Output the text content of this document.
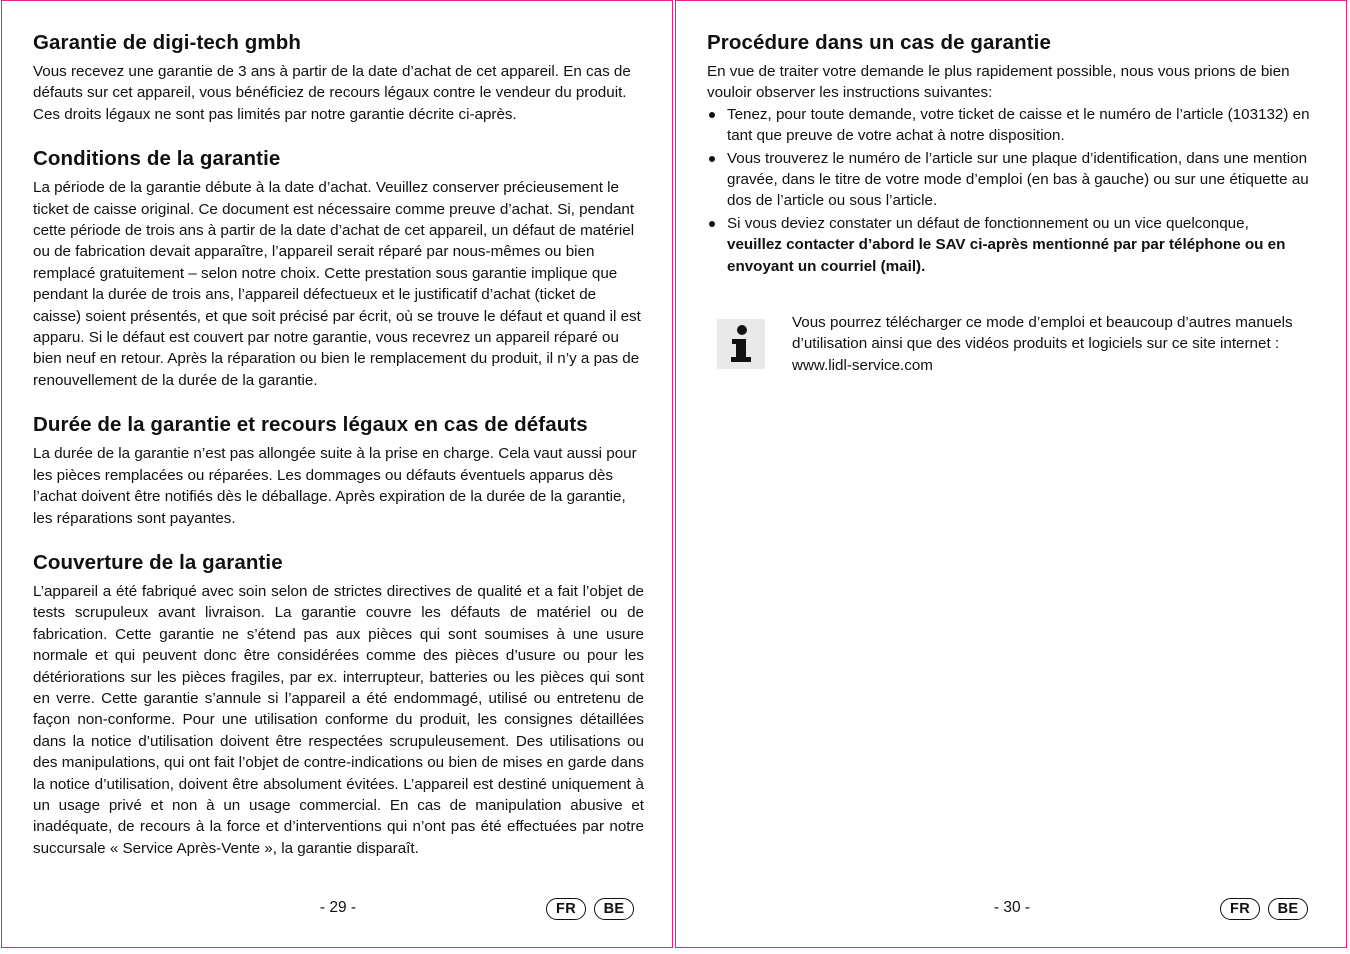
Garantie de digi-tech gmbh

Vous recevez une garantie de 3 ans à partir de la date d’achat de cet appareil. En cas de défauts sur cet appareil, vous bénéficiez de recours légaux contre le vendeur du produit. Ces droits légaux ne sont pas limités par notre garantie décrite ci-après.

Conditions de la garantie

La période de la garantie débute à la date d’achat. Veuillez conserver précieusement le ticket de caisse original. Ce document est nécessaire comme preuve d’achat. Si, pendant cette période de trois ans à partir de la date d’achat de cet appareil, un défaut de matériel ou de fabrication devait apparaître, l’appareil serait réparé par nous-mêmes ou bien remplacé gratuitement – selon notre choix. Cette prestation sous garantie implique que pendant la durée de trois ans, l’appareil défectueux et le justificatif d’achat (ticket de caisse) soient présentés, et que soit précisé par écrit, où se trouve le défaut et quand il est apparu. Si le défaut est couvert par notre garantie, vous recevrez un appareil réparé ou bien neuf en retour. Après la réparation ou bien le remplacement du produit, il n’y a pas de renouvellement de la durée de la garantie.

Durée de la garantie et recours légaux en cas de défauts

La durée de la garantie n’est pas allongée suite à la prise en charge. Cela vaut aussi pour les pièces remplacées ou réparées. Les dommages ou défauts éventuels apparus dès l’achat doivent être notifiés dès le déballage. Après expiration de la durée de la garantie, les réparations sont payantes.

Couverture de la garantie

L’appareil a été fabriqué avec soin selon de strictes directives de qualité et a fait l’objet de tests scrupuleux avant livraison. La garantie couvre les défauts de matériel ou de fabrication. Cette garantie ne s’étend pas aux pièces qui sont soumises à une usure normale et qui peuvent donc être considérées comme des pièces d’usure ou pour les détériorations sur les pièces fragiles, par ex. interrupteur, batteries ou les pièces qui sont en verre. Cette garantie s’annule si l’appareil a été endommagé, utilisé ou entretenu de façon non-conforme. Pour une utilisation conforme du produit, les consignes détaillées dans la notice d’utilisation doivent être respectées scrupuleusement. Des utilisations ou des manipulations, qui ont fait l’objet de contre-indications ou bien de mises en garde dans la notice d’utilisation, doivent être absolument évitées. L’appareil est destiné uniquement à un usage privé et non à un usage commercial. En cas de manipulation abusive et inadéquate, de recours à la force et d’interventions qui n’ont pas été effectuées par notre succursale « Service Après-Vente », la garantie disparaît.

- 29 -	FR	BE
Procédure dans un cas de garantie

En vue de traiter votre demande le plus rapidement possible, nous vous prions de bien vouloir observer les instructions suivantes:

Tenez, pour toute demande, votre ticket de caisse et le numéro de l’article (103132) en tant que preuve de votre achat à notre disposition.
Vous trouverez le numéro de l’article sur une plaque d’identification, dans une mention gravée, dans le titre de votre mode d’emploi (en bas à gauche) ou sur une étiquette au dos de l’article ou sous l’article.
Si vous deviez constater un défaut de fonctionnement ou un vice quelconque,
veuillez contacter d’abord le SAV ci-après mentionné par par téléphone ou en envoyant un courriel (mail).
Vous pourrez télécharger ce mode d’emploi et beaucoup d’autres manuels d’utilisation ainsi que des vidéos produits et logiciels sur ce site internet : www.lidl-service.com
- 30 -	FR	BE
